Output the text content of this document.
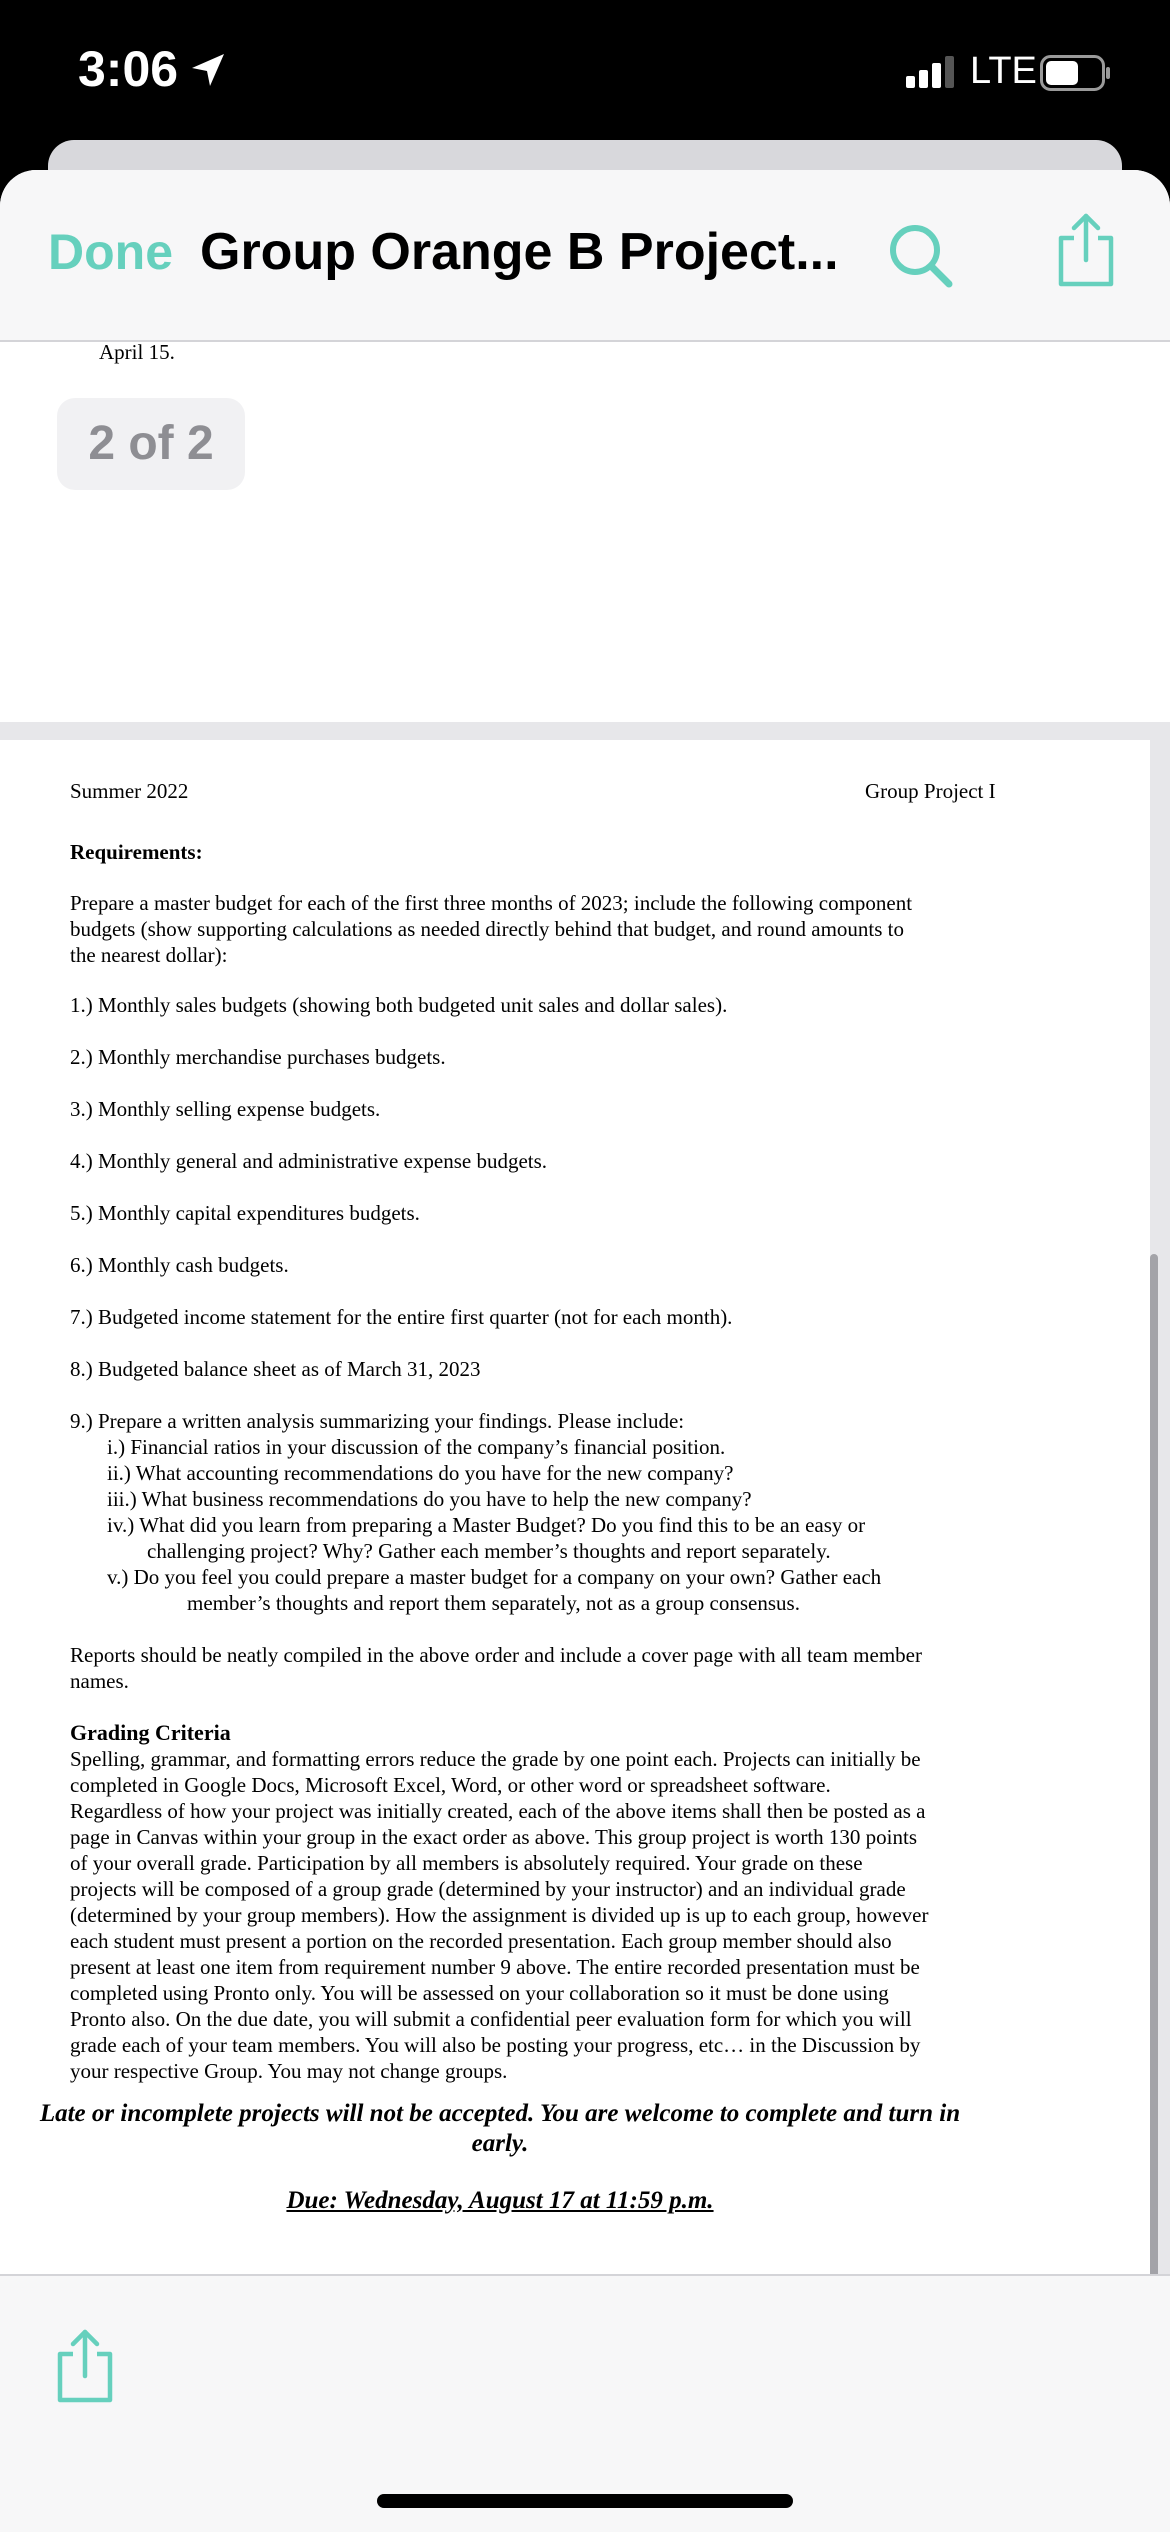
3:06	LTE
Done Group Orange B Project...
April 15.
2 of 2
Summer 2022	Group Project I

Requirements:

Prepare a master budget for each of the first three months of 2023; include the following component
budgets (show supporting calculations as needed directly behind that budget, and round amounts to
the nearest dollar):
1.) Monthly sales budgets (showing both budgeted unit sales and dollar sales).
2.) Monthly merchandise purchases budgets.
3.) Monthly selling expense budgets.
4.) Monthly general and administrative expense budgets.
5.) Monthly capital expenditures budgets.
6.) Monthly cash budgets.
7.) Budgeted income statement for the entire first quarter (not for each month).
8.) Budgeted balance sheet as of March 31, 2023
9.) Prepare a written analysis summarizing your findings. Please include:
i.) Financial ratios in your discussion of the company’s financial position.
ii.) What accounting recommendations do you have for the new company?
iii.) What business recommendations do you have to help the new company?
iv.) What did you learn from preparing a Master Budget? Do you find this to be an easy or
challenging project? Why? Gather each member’s thoughts and report separately.
v.) Do you feel you could prepare a master budget for a company on your own? Gather each
member’s thoughts and report them separately, not as a group consensus.
Reports should be neatly compiled in the above order and include a cover page with all team member
names.
Grading Criteria
Spelling, grammar, and formatting errors reduce the grade by one point each. Projects can initially be
completed in Google Docs, Microsoft Excel, Word, or other word or spreadsheet software.
Regardless of how your project was initially created, each of the above items shall then be posted as a
page in Canvas within your group in the exact order as above. This group project is worth 130 points
of your overall grade. Participation by all members is absolutely required. Your grade on these
projects will be composed of a group grade (determined by your instructor) and an individual grade
(determined by your group members). How the assignment is divided up is up to each group, however
each student must present a portion on the recorded presentation. Each group member should also
present at least one item from requirement number 9 above. The entire recorded presentation must be
completed using Pronto only. You will be assessed on your collaboration so it must be done using
Pronto also. On the due date, you will submit a confidential peer evaluation form for which you will
grade each of your team members. You will also be posting your progress, etc… in the Discussion by
your respective Group. You may not change groups.
Late or incomplete projects will not be accepted. You are welcome to complete and turn in
early.
Due: Wednesday, August 17 at 11:59 p.m.
